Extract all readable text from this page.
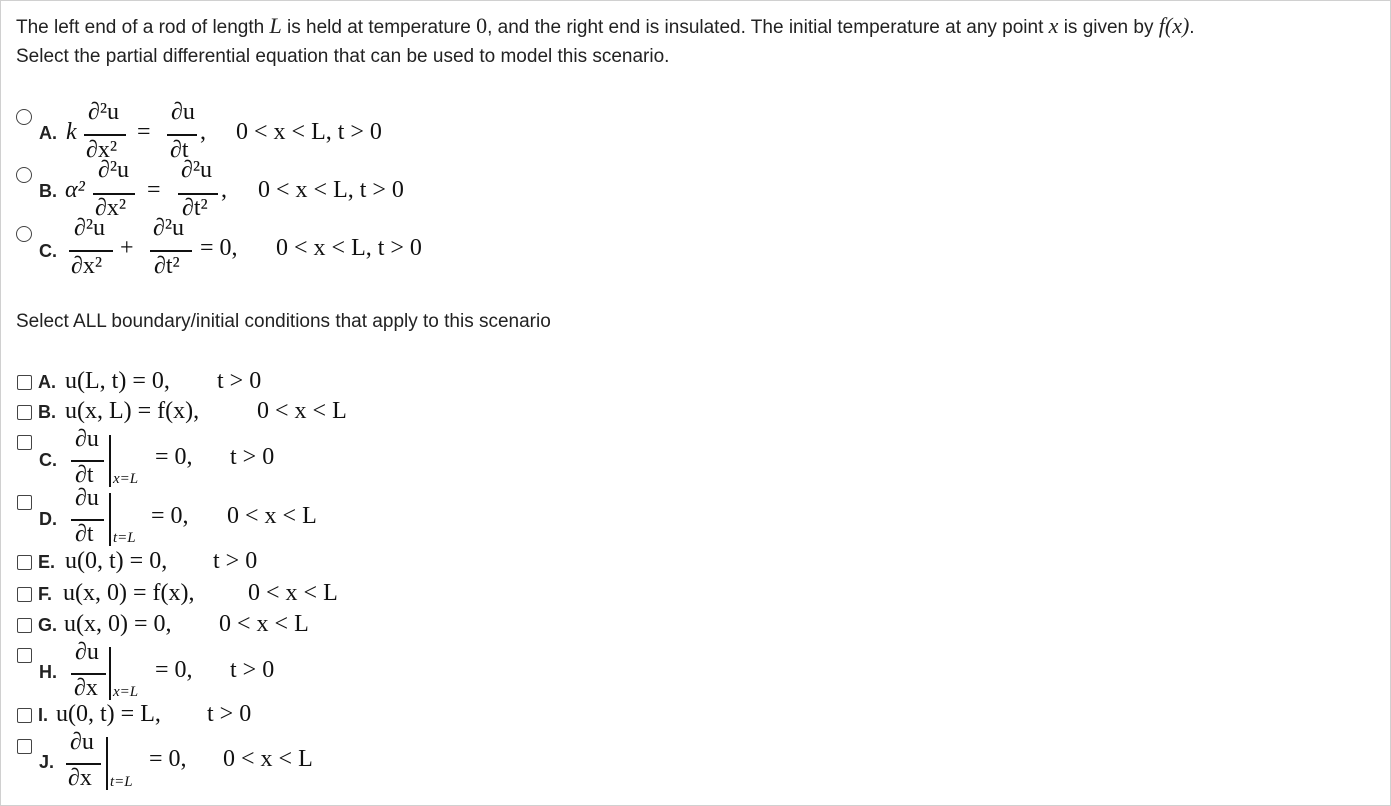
The left end of a rod of length L is held at temperature 0, and the right end is insulated. The initial temperature at any point x is given by f(x).
Select the partial differential equation that can be used to model this scenario.
A. k
∂²u
∂x²
=
∂u
∂t
, 0 < x < L, t > 0
B. α²
∂²u
∂x²
=
∂²u
∂t²
, 0 < x < L, t > 0
C.
∂²u
∂x²
+
∂²u
∂t²
= 0, 0 < x < L, t > 0
Select ALL boundary/initial conditions that apply to this scenario
A. u(L, t) = 0, t > 0
B. u(x, L) = f(x), 0 < x < L
C.
∂u
∂t x=L
= 0, t > 0
D.
∂u
∂t t=L
= 0, 0 < x < L
E. u(0, t) = 0, t > 0
F. u(x, 0) = f(x), 0 < x < L
G. u(x, 0) = 0, 0 < x < L
H.
∂u
∂x x=L
= 0, t > 0
I. u(0, t) = L, t > 0
J.
∂u
∂x t=L
= 0, 0 < x < L
